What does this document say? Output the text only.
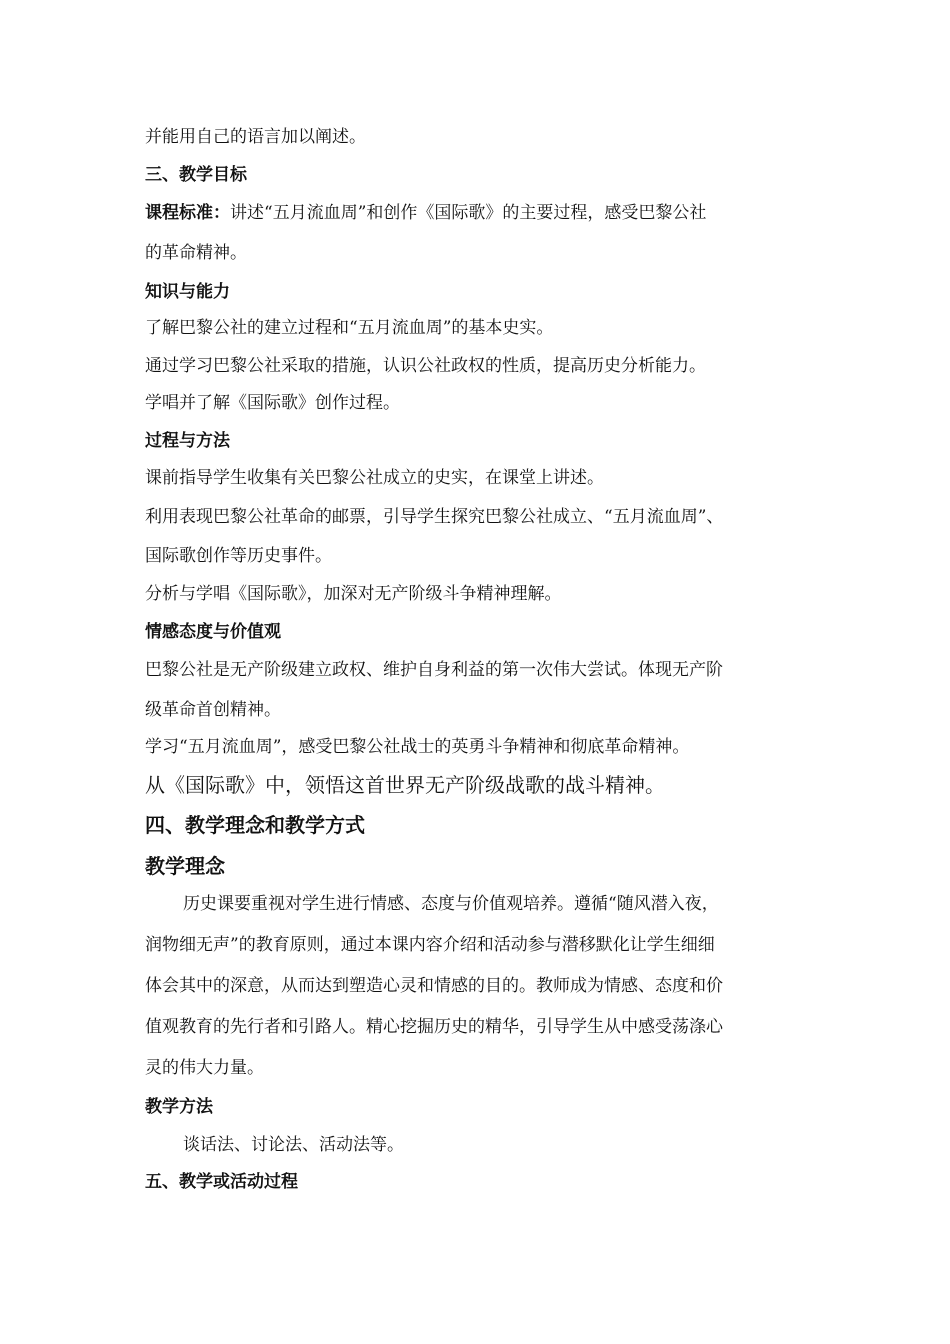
并能用自己的语言加以阐述。
三、教学目标
课程标准：讲述“五月流血周”和创作《国际歌》的主要过程，感受巴黎公社
的革命精神。
知识与能力
了解巴黎公社的建立过程和“五月流血周”的基本史实。
通过学习巴黎公社采取的措施，认识公社政权的性质，提高历史分析能力。
学唱并了解《国际歌》创作过程。
过程与方法
课前指导学生收集有关巴黎公社成立的史实，在课堂上讲述。
利用表现巴黎公社革命的邮票，引导学生探究巴黎公社成立、“五月流血周”、
国际歌创作等历史事件。
分析与学唱《国际歌》，加深对无产阶级斗争精神理解。
情感态度与价值观
巴黎公社是无产阶级建立政权、维护自身利益的第一次伟大尝试。体现无产阶
级革命首创精神。
学习“五月流血周”，感受巴黎公社战士的英勇斗争精神和彻底革命精神。
从《国际歌》中，领悟这首世界无产阶级战歌的战斗精神。
四、教学理念和教学方式
教学理念
历史课要重视对学生进行情感、态度与价值观培养。遵循“随风潜入夜，
润物细无声”的教育原则，通过本课内容介绍和活动参与潜移默化让学生细细
体会其中的深意，从而达到塑造心灵和情感的目的。教师成为情感、态度和价
值观教育的先行者和引路人。精心挖掘历史的精华，引导学生从中感受荡涤心
灵的伟大力量。
教学方法
谈话法、讨论法、活动法等。
五、教学或活动过程
